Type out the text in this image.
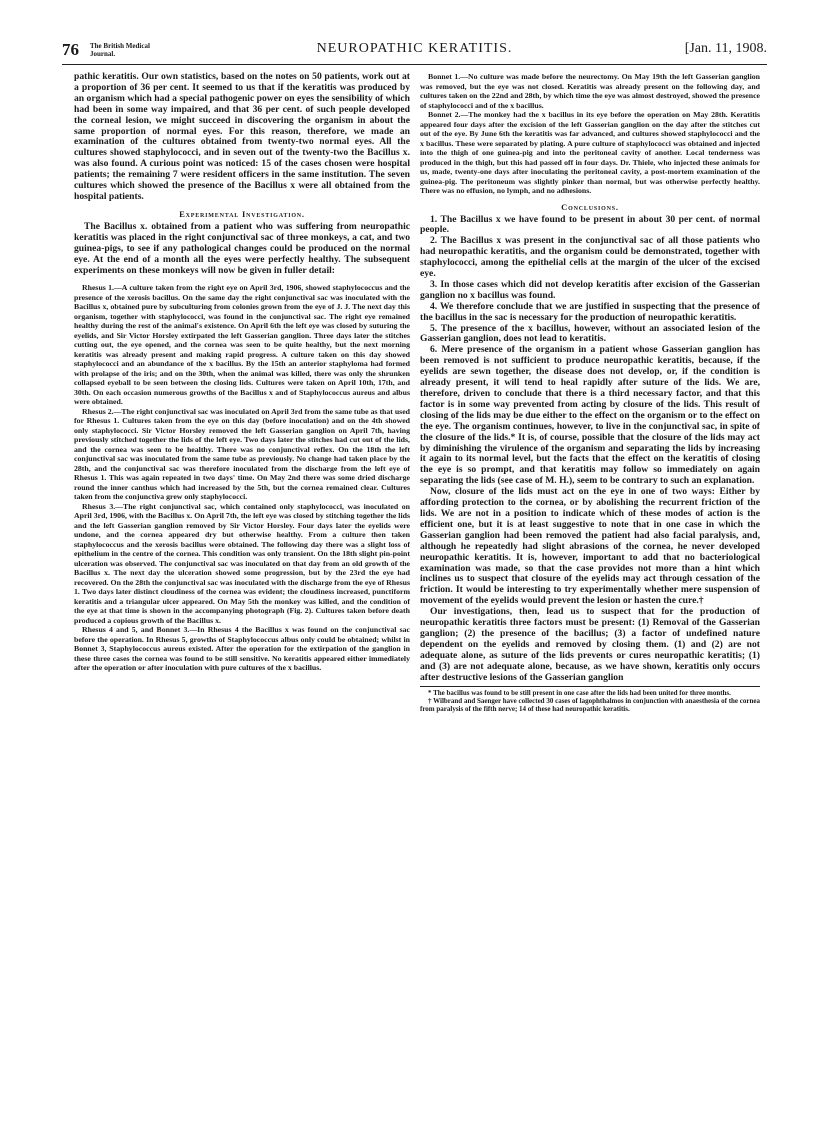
76 The British Medical Journal.	NEUROPATHIC KERATITIS.	[Jan. 11, 1908.

pathic keratitis. Our own statistics, based on the notes on 50 patients, work out at a proportion of 36 per cent. It seemed to us that if the keratitis was produced by an organism which had a special pathogenic power on eyes the sensibility of which had been in some way impaired, and that 36 per cent. of such people developed the corneal lesion, we might succeed in discovering the organism in about the same proportion of normal eyes. For this reason, therefore, we made an examination of the cultures obtained from twenty-two normal eyes. All the cultures showed staphylococci, and in seven out of the twenty-two the Bacillus x. was also found. A curious point was noticed: 15 of the cases chosen were hospital patients; the remaining 7 were resident officers in the same institution. The seven cultures which showed the presence of the Bacillus x were all obtained from the hospital patients.

Experimental Investigation.

The Bacillus x. obtained from a patient who was suffering from neuropathic keratitis was placed in the right conjunctival sac of three monkeys, a cat, and two guinea-pigs, to see if any pathological changes could be produced on the normal eye. At the end of a month all the eyes were perfectly healthy. The subsequent experiments on these monkeys will now be given in fuller detail:

Rhesus 1.—A culture taken from the right eye on April 3rd, 1906, showed staphylococcus and the presence of the xerosis bacillus. On the same day the right conjunctival sac was inoculated with the Bacillus x, obtained pure by subculturing from colonies grown from the eye of J. J. The next day this organism, together with staphylococci, was found in the conjunctival sac. The right eye remained healthy during the rest of the animal's existence. On April 6th the left eye was closed by suturing the eyelids, and Sir Victor Horsley extirpated the left Gasserian ganglion. Three days later the stitches cutting out, the eye opened, and the cornea was seen to be quite healthy, but the next morning keratitis was already present and making rapid progress. A culture taken on this day showed staphylococci and an abundance of the x bacillus. By the 15th an anterior staphyloma had formed with prolapse of the iris; and on the 30th, when the animal was killed, there was only the shrunken collapsed eyeball to be seen between the closing lids. Cultures were taken on April 10th, 17th, and 30th. On each occasion numerous growths of the Bacillus x and of Staphylococcus aureus and albus were obtained.

Rhesus 2.—The right conjunctival sac was inoculated on April 3rd from the same tube as that used for Rhesus 1. Cultures taken from the eye on this day (before inoculation) and on the 4th showed only staphylococci. Sir Victor Horsley removed the left Gasserian ganglion on April 7th, having previously stitched together the lids of the left eye. Two days later the stitches had cut out of the lids, and the cornea was seen to be healthy. There was no conjunctival reflex. On the 18th the left conjunctival sac was inoculated from the same tube as previously. No change had taken place by the 28th, and the conjunctival sac was therefore inoculated from the discharge from the left eye of Rhesus 1. This was again repeated in two days' time. On May 2nd there was some dried discharge round the inner canthus which had increased by the 5th, but the cornea remained clear. Cultures taken from the conjunctiva grew only staphylococci.

Rhesus 3.—The right conjunctival sac, which contained only staphylococci, was inoculated on April 3rd, 1906, with the Bacillus x. On April 7th, the left eye was closed by stitching together the lids and the left Gasserian ganglion removed by Sir Victor Horsley. Four days later the eyelids were undone, and the cornea appeared dry but otherwise healthy. From a culture then taken staphylococcus and the xerosis bacillus were obtained. The following day there was a slight loss of epithelium in the centre of the cornea. This condition was only transient. On the 18th slight pin-point ulceration was observed. The conjunctival sac was inoculated on that day from an old growth of the Bacillus x. The next day the ulceration showed some progression, but by the 23rd the eye had recovered. On the 28th the conjunctival sac was inoculated with the discharge from the eye of Rhesus 1. Two days later distinct cloudiness of the cornea was evident; the cloudiness increased, punctiform keratitis and a triangular ulcer appeared. On May 5th the monkey was killed, and the condition of the eye at that time is shown in the accompanying photograph (Fig. 2). Cultures taken before death produced a copious growth of the Bacillus x.

Rhesus 4 and 5, and Bonnet 3.—In Rhesus 4 the Bacillus x was found on the conjunctival sac before the operation. In Rhesus 5, growths of Staphylococcus albus only could be obtained; whilst in Bonnet 3, Staphylococcus aureus existed. After the operation for the extirpation of the ganglion in these three cases the cornea was found to be still sensitive. No keratitis appeared either immediately after the operation or after inoculation with pure cultures of the x bacillus.

Bonnet 1.—No culture was made before the neurectomy. On May 19th the left Gasserian ganglion was removed, but the eye was not closed. Keratitis was already present on the following day, and cultures taken on the 22nd and 28th, by which time the eye was almost destroyed, showed the presence of staphylococci and of the x bacillus.

Bonnet 2.—The monkey had the x bacillus in its eye before the operation on May 28th. Keratitis appeared four days after the excision of the left Gasserian ganglion on the day after the stitches cut out of the eye. By June 6th the keratitis was far advanced, and cultures showed staphylococci and the x bacillus. These were separated by plating. A pure culture of staphylococci was obtained and injected into the thigh of one guinea-pig and into the peritoneal cavity of another. Local tenderness was produced in the thigh, but this had passed off in four days. Dr. Thiele, who injected these animals for us, made, twenty-one days after inoculating the peritoneal cavity, a post-mortem examination of the guinea-pig. The peritoneum was slightly pinker than normal, but was otherwise perfectly healthy. There was no effusion, no lymph, and no adhesions.

Conclusions.

1. The Bacillus x we have found to be present in about 30 per cent. of normal people.

2. The Bacillus x was present in the conjunctival sac of all those patients who had neuropathic keratitis, and the organism could be demonstrated, together with staphylococci, among the epithelial cells at the margin of the ulcer of the excised eye.

3. In those cases which did not develop keratitis after excision of the Gasserian ganglion no x bacillus was found.

4. We therefore conclude that we are justified in suspecting that the presence of the bacillus in the sac is necessary for the production of neuropathic keratitis.

5. The presence of the x bacillus, however, without an associated lesion of the Gasserian ganglion, does not lead to keratitis.

6. Mere presence of the organism in a patient whose Gasserian ganglion has been removed is not sufficient to produce neuropathic keratitis, because, if the eyelids are sewn together, the disease does not develop, or, if the condition is already present, it will tend to heal rapidly after suture of the lids. We are, therefore, driven to conclude that there is a third necessary factor, and that this factor is in some way prevented from acting by closure of the lids. This result of closing of the lids may be due either to the effect on the organism or to the effect on the eye. The organism continues, however, to live in the conjunctival sac, in spite of the closure of the lids.* It is, of course, possible that the closure of the lids may act by diminishing the virulence of the organism and separating the lids by increasing it again to its normal level, but the facts that the effect on the keratitis of closing the eye is so prompt, and that keratitis may follow so immediately on again separating the lids (see case of M. H.), seem to be contrary to such an explanation.

Now, closure of the lids must act on the eye in one of two ways: Either by affording protection to the cornea, or by abolishing the recurrent friction of the lids. We are not in a position to indicate which of these modes of action is the efficient one, but it is at least suggestive to note that in one case in which the Gasserian ganglion had been removed the patient had also facial paralysis, and, although he repeatedly had slight abrasions of the cornea, he never developed neuropathic keratitis. It is, however, important to add that no bacteriological examination was made, so that the case provides not more than a hint which inclines us to suspect that closure of the eyelids may act through cessation of the friction. It would be interesting to try experimentally whether mere suspension of movement of the eyelids would prevent the lesion or hasten the cure.†

Our investigations, then, lead us to suspect that for the production of neuropathic keratitis three factors must be present: (1) Removal of the Gasserian ganglion; (2) the presence of the bacillus; (3) a factor of undefined nature dependent on the eyelids and removed by closing them. (1) and (2) are not adequate alone, as suture of the lids prevents or cures neuropathic keratitis; (1) and (3) are not adequate alone, because, as we have shown, keratitis only occurs after destructive lesions of the Gasserian ganglion

* The bacillus was found to be still present in one case after the lids had been united for three months.

† Wilbrand and Saenger have collected 30 cases of lagophthalmos in conjunction with anaesthesia of the cornea from paralysis of the fifth nerve; 14 of these had neuropathic keratitis.
